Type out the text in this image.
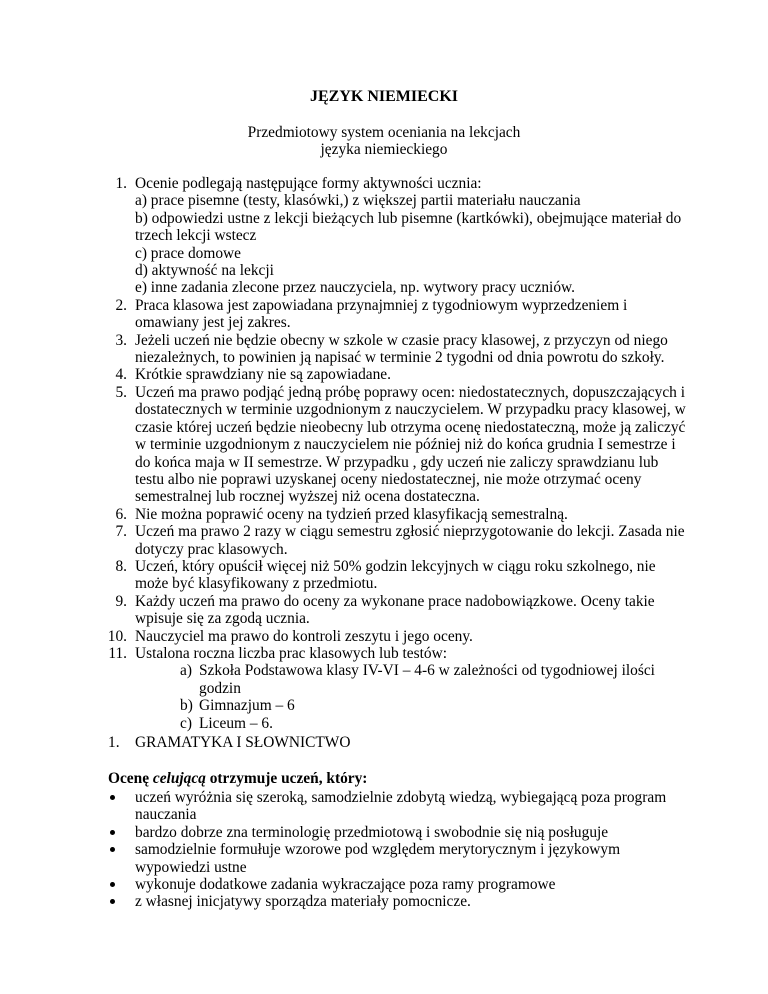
JĘZYK NIEMIECKI
Przedmiotowy system oceniania na lekcjach
języka niemieckiego
1. Ocenie podlegają następujące formy aktywności ucznia:
a) prace pisemne (testy, klasówki,) z większej partii materiału nauczania
b) odpowiedzi ustne z lekcji bieżących lub pisemne (kartkówki), obejmujące materiał do trzech lekcji wstecz
c) prace domowe
d) aktywność na lekcji
e) inne zadania zlecone przez nauczyciela, np. wytwory pracy uczniów.
2. Praca klasowa jest zapowiadana przynajmniej z tygodniowym wyprzedzeniem i omawiany jest jej zakres.
3. Jeżeli uczeń nie będzie obecny w szkole w czasie pracy klasowej, z przyczyn od niego niezależnych, to powinien ją napisać w terminie 2 tygodni od dnia powrotu do szkoły.
4. Krótkie sprawdziany nie są zapowiadane.
5. Uczeń ma prawo podjąć jedną próbę poprawy ocen: niedostatecznych, dopuszczających i dostatecznych w terminie uzgodnionym z nauczycielem. W przypadku pracy klasowej, w czasie której uczeń będzie nieobecny lub otrzyma ocenę niedostateczną, może ją zaliczyć w terminie uzgodnionym z nauczycielem nie później niż do końca grudnia I semestrze i do końca maja w II semestrze. W przypadku , gdy uczeń nie zaliczy sprawdzianu lub testu albo nie poprawi uzyskanej oceny niedostatecznej, nie może otrzymać oceny semestralnej lub rocznej wyższej niż ocena dostateczna.
6. Nie można poprawić oceny na tydzień przed klasyfikacją semestralną.
7. Uczeń ma prawo 2 razy w ciągu semestru zgłosić nieprzygotowanie do lekcji. Zasada nie dotyczy prac klasowych.
8. Uczeń, który opuścił więcej niż 50% godzin lekcyjnych w ciągu roku szkolnego, nie może być klasyfikowany z przedmiotu.
9. Każdy uczeń ma prawo do oceny za wykonane prace nadobowiązkowe. Oceny takie wpisuje się za zgodą ucznia.
10. Nauczyciel ma prawo do kontroli zeszytu i jego oceny.
11. Ustalona roczna liczba prac klasowych lub testów:
a) Szkoła Podstawowa klasy IV-VI – 4-6 w zależności od tygodniowej ilości godzin
b) Gimnazjum – 6
c) Liceum – 6.
1. GRAMATYKA I SŁOWNICTWO
Ocenę celującą otrzymuje uczeń, który:
uczeń wyróżnia się szeroką, samodzielnie zdobytą wiedzą, wybiegającą poza program nauczania
bardzo dobrze zna terminologię przedmiotową i swobodnie się nią posługuje
samodzielnie formułuje wzorowe pod względem merytorycznym i językowym wypowiedzi ustne
wykonuje dodatkowe zadania wykraczające poza ramy programowe
z własnej inicjatywy sporządza materiały pomocnicze.
